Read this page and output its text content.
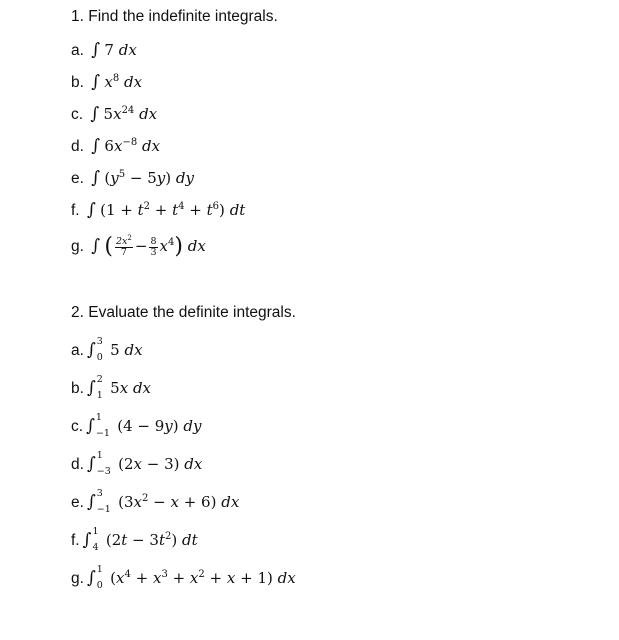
1. Find the indefinite integrals.
a. ∫ 7 dx
b. ∫ $x^8$ dx
c. ∫ $5x^{24}$ dx
d. ∫ $6x^{-8}$ dx
e. ∫ $(y^5 - 5y)$ dy
f. ∫ $(1 + t^2 + t^4 + t^6)$ dt
g. ∫ ( $\frac{2x^2}{7} - \frac{8}{3} x^4$) dx
2. Evaluate the definite integrals.
a. ∫ 3
0 5 dx
b. ∫ 2
1 5x dx
c. ∫ 1
−1 (4 − 9y) dy
d. ∫ 1
−3 (2x − 3) dx
e. ∫ 3
−1 $(3x^2 - x + 6)$ dx
f. ∫ 1
4 $(2t - 3t^2)$ dt
g. ∫ 1
0 $(x^4 + x^3 + x^2 + x + 1)$ dx
